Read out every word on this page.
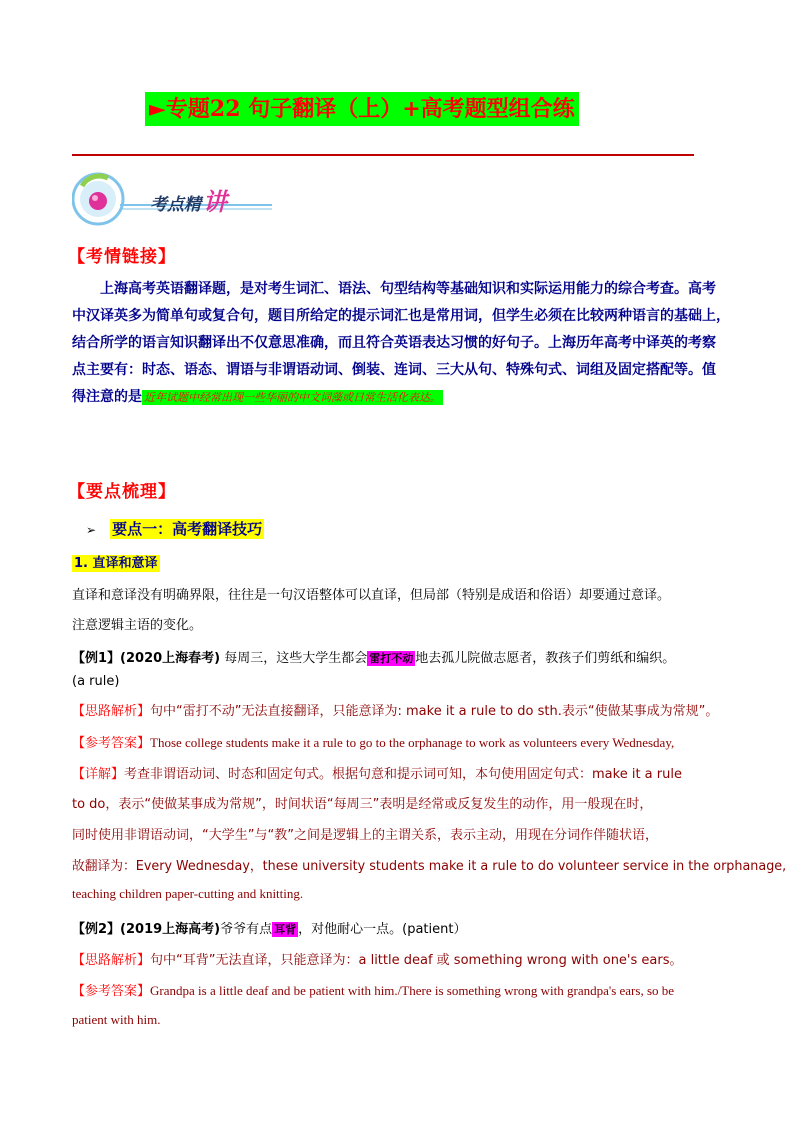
►专题22 句子翻译（上）+高考题型组合练
考点精讲
【考情链接】
上海高考英语翻译题，是对考生词汇、语法、句型结构等基础知识和实际运用能力的综合考查。高考
中汉译英多为简单句或复合句，题目所给定的提示词汇也是常用词，但学生必须在比较两种语言的基础上，
结合所学的语言知识翻译出不仅意思准确，而且符合英语表达习惯的好句子。上海历年高考中译英的考察
点主要有：时态、语态、谓语与非谓语动词、倒装、连词、三大从句、特殊句式、词组及固定搭配等。值
得注意的是 近年试题中经常出现一些华丽的中文词藻或日常生活化表达。
【要点梳理】
➢ 要点一：高考翻译技巧
1. 直译和意译
直译和意译没有明确界限，往往是一句汉语整体可以直译，但局部（特别是成语和俗语）却要通过意译。
注意逻辑主语的变化。
【例1】(2020上海春考) 每周三，这些大学生都会 雷打不动 地去孤儿院做志愿者，教孩子们剪纸和编织。
(a rule)
【思路解析】句中“雷打不动”无法直接翻译，只能意译为: make it a rule to do sth.表示“使做某事成为常规”。
【参考答案】Those college students make it a rule to go to the orphanage to work as volunteers every Wednesday,
【详解】考查非谓语动词、时态和固定句式。根据句意和提示词可知，本句使用固定句式：make it a rule
to do，表示“使做某事成为常规”，时间状语“每周三”表明是经常或反复发生的动作，用一般现在时，
同时使用非谓语动词，“大学生”与“教”之间是逻辑上的主谓关系，表示主动，用现在分词作伴随状语，
故翻译为：Every Wednesday，these university students make it a rule to do volunteer service in the orphanage,
teaching children paper-cutting and knitting.
【例2】(2019上海高考)爷爷有点 耳背 ，对他耐心一点。(patient）
【思路解析】句中“耳背”无法直译，只能意译为：a little deaf 或 something wrong with one's ears。
【参考答案】Grandpa is a little deaf and be patient with him./There is something wrong with grandpa's ears, so be
patient with him.
